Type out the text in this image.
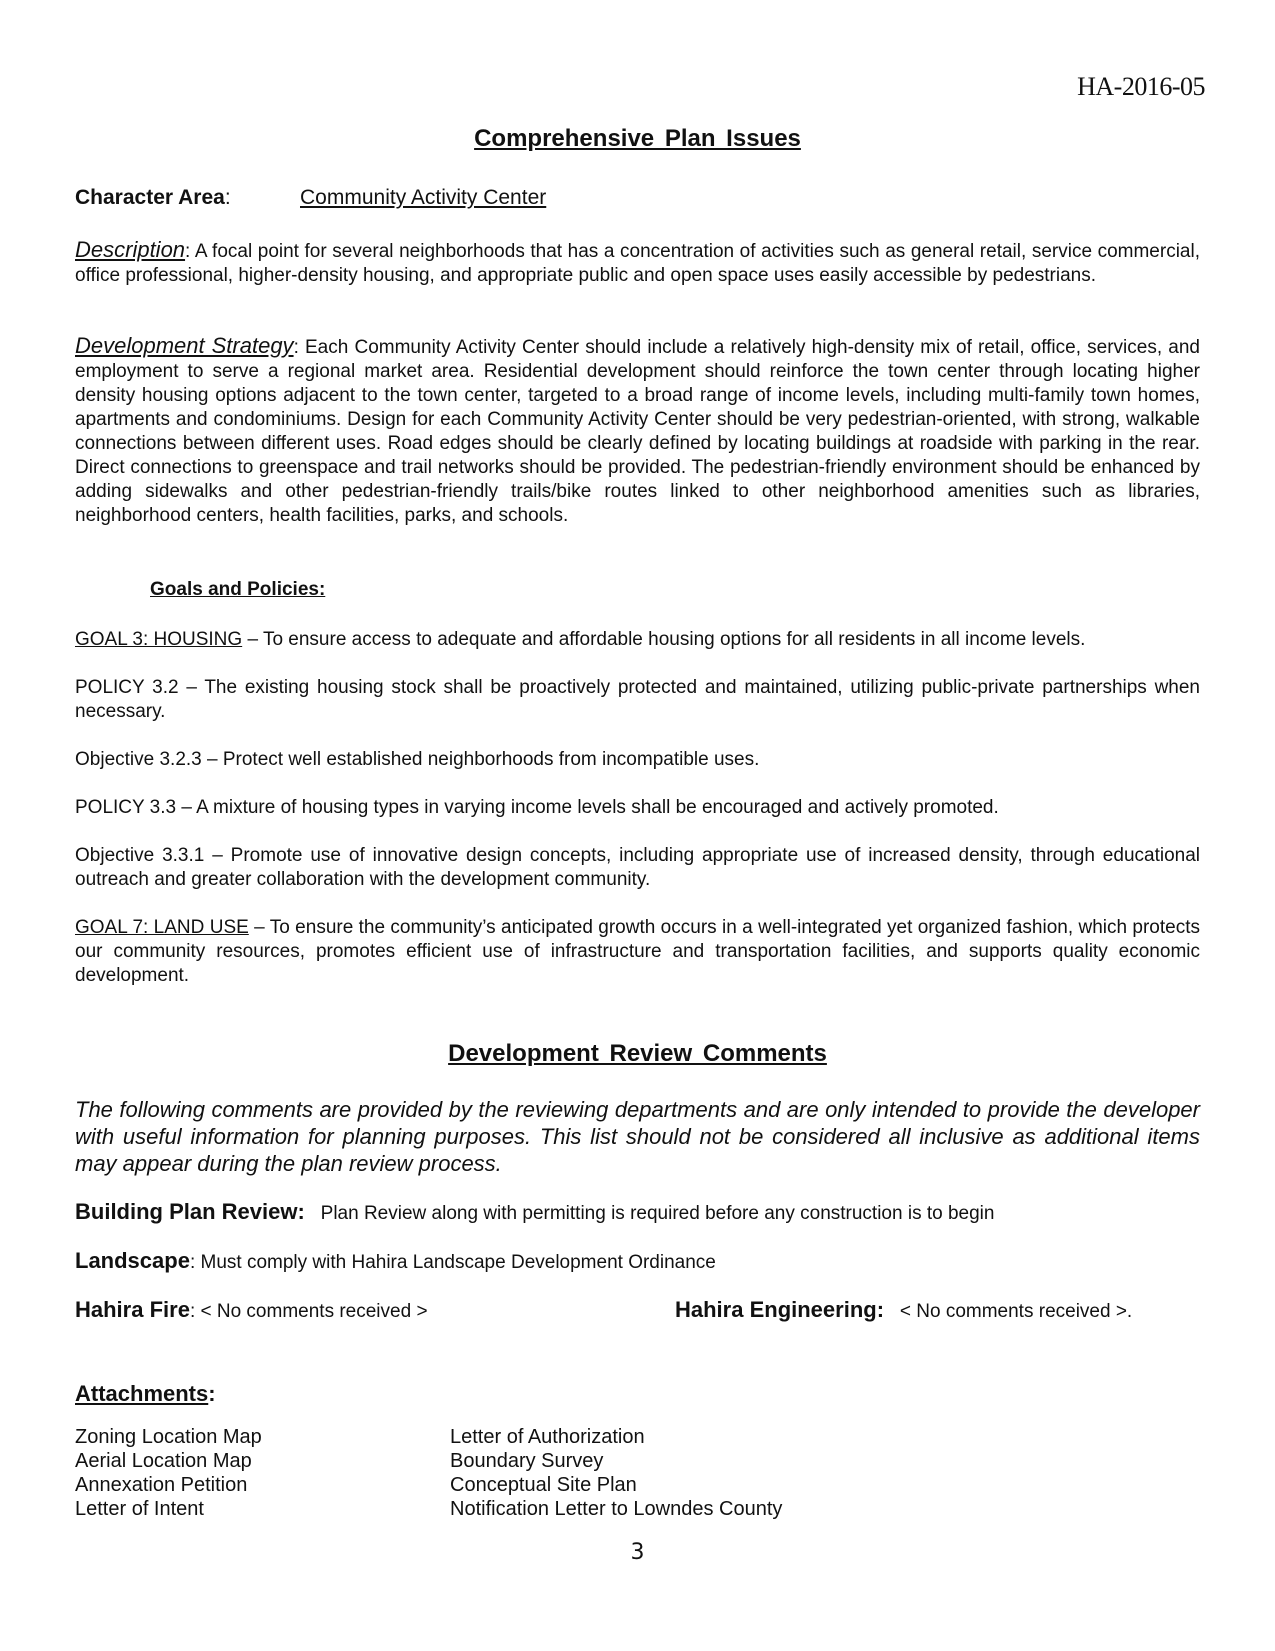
HA-2016-05
Comprehensive Plan Issues
Character Area:	Community Activity Center
Description: A focal point for several neighborhoods that has a concentration of activities such as general retail, service commercial, office professional, higher-density housing, and appropriate public and open space uses easily accessible by pedestrians.
Development Strategy: Each Community Activity Center should include a relatively high-density mix of retail, office, services, and employment to serve a regional market area. Residential development should reinforce the town center through locating higher density housing options adjacent to the town center, targeted to a broad range of income levels, including multi-family town homes, apartments and condominiums. Design for each Community Activity Center should be very pedestrian-oriented, with strong, walkable connections between different uses. Road edges should be clearly defined by locating buildings at roadside with parking in the rear. Direct connections to greenspace and trail networks should be provided. The pedestrian-friendly environment should be enhanced by adding sidewalks and other pedestrian-friendly trails/bike routes linked to other neighborhood amenities such as libraries, neighborhood centers, health facilities, parks, and schools.
Goals and Policies:
GOAL 3: HOUSING – To ensure access to adequate and affordable housing options for all residents in all income levels.
POLICY 3.2 – The existing housing stock shall be proactively protected and maintained, utilizing public-private partnerships when necessary.
Objective 3.2.3 – Protect well established neighborhoods from incompatible uses.
POLICY 3.3 – A mixture of housing types in varying income levels shall be encouraged and actively promoted.
Objective 3.3.1 – Promote use of innovative design concepts, including appropriate use of increased density, through educational outreach and greater collaboration with the development community.
GOAL 7: LAND USE – To ensure the community’s anticipated growth occurs in a well-integrated yet organized fashion, which protects our community resources, promotes efficient use of infrastructure and transportation facilities, and supports quality economic development.
Development Review Comments
The following comments are provided by the reviewing departments and are only intended to provide the developer with useful information for planning purposes. This list should not be considered all inclusive as additional items may appear during the plan review process.
Building Plan Review: Plan Review along with permitting is required before any construction is to begin
Landscape: Must comply with Hahira Landscape Development Ordinance
Hahira Fire: < No comments received >	Hahira Engineering: < No comments received >.
Attachments:
Zoning Location Map
Aerial Location Map
Annexation Petition
Letter of Intent
Letter of Authorization
Boundary Survey
Conceptual Site Plan
Notification Letter to Lowndes County
3
